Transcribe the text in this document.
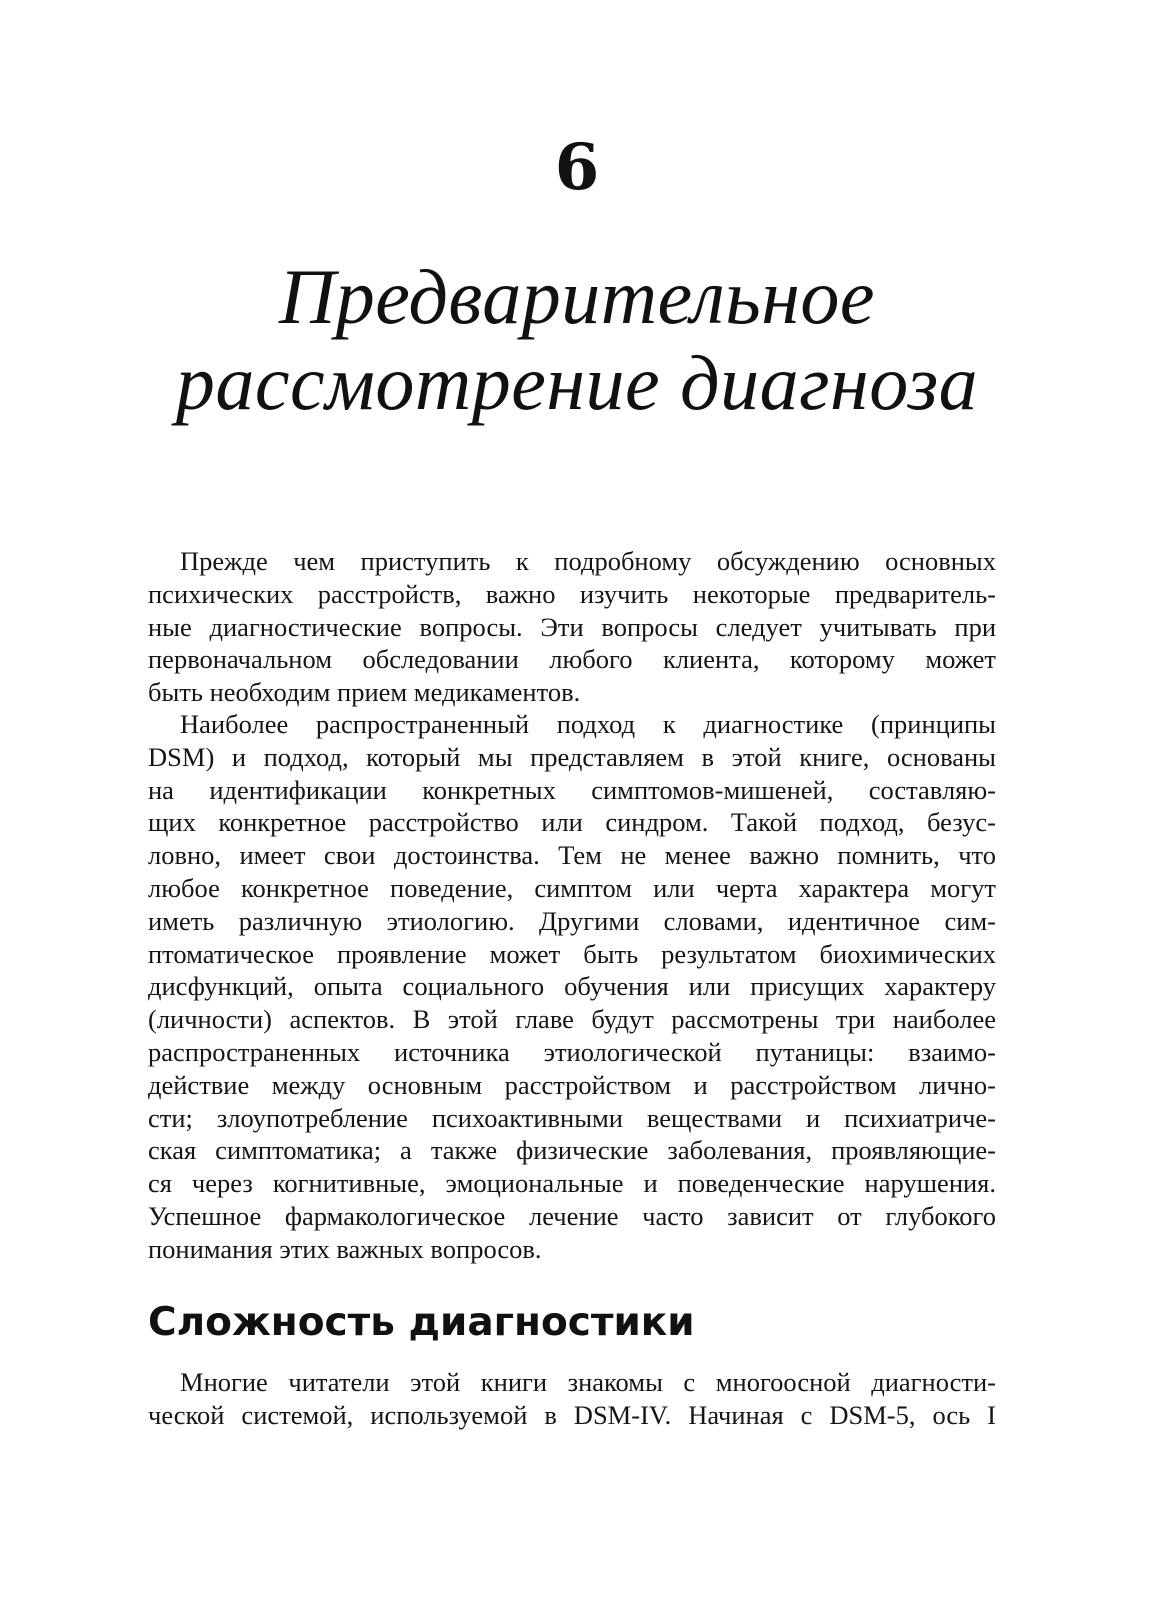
6
Предварительное
рассмотрение диагноза
Прежде чем приступить к подробному обсуждению основных
психических расстройств, важно изучить некоторые предваритель-
ные диагностические вопросы. Эти вопросы следует учитывать при
первоначальном обследовании любого клиента, которому может
быть необходим прием медикаментов.
Наиболее распространенный подход к диагностике (принципы
DSM) и подход, который мы представляем в этой книге, основаны
на идентификации конкретных симптомов-мишеней, составляю-
щих конкретное расстройство или синдром. Такой подход, безус-
ловно, имеет свои достоинства. Тем не менее важно помнить, что
любое конкретное поведение, симптом или черта характера могут
иметь различную этиологию. Другими словами, идентичное сим-
птоматическое проявление может быть результатом биохимических
дисфункций, опыта социального обучения или присущих характеру
(личности) аспектов. В этой главе будут рассмотрены три наиболее
распространенных источника этиологической путаницы: взаимо-
действие между основным расстройством и расстройством лично-
сти; злоупотребление психоактивными веществами и психиатриче-
ская симптоматика; а также физические заболевания, проявляющие-
ся через когнитивные, эмоциональные и поведенческие нарушения.
Успешное фармакологическое лечение часто зависит от глубокого
понимания этих важных вопросов.
Сложность диагностики
Многие читатели этой книги знакомы с многоосной диагности-
ческой системой, используемой в DSM-IV. Начиная с DSM-5, ось I
